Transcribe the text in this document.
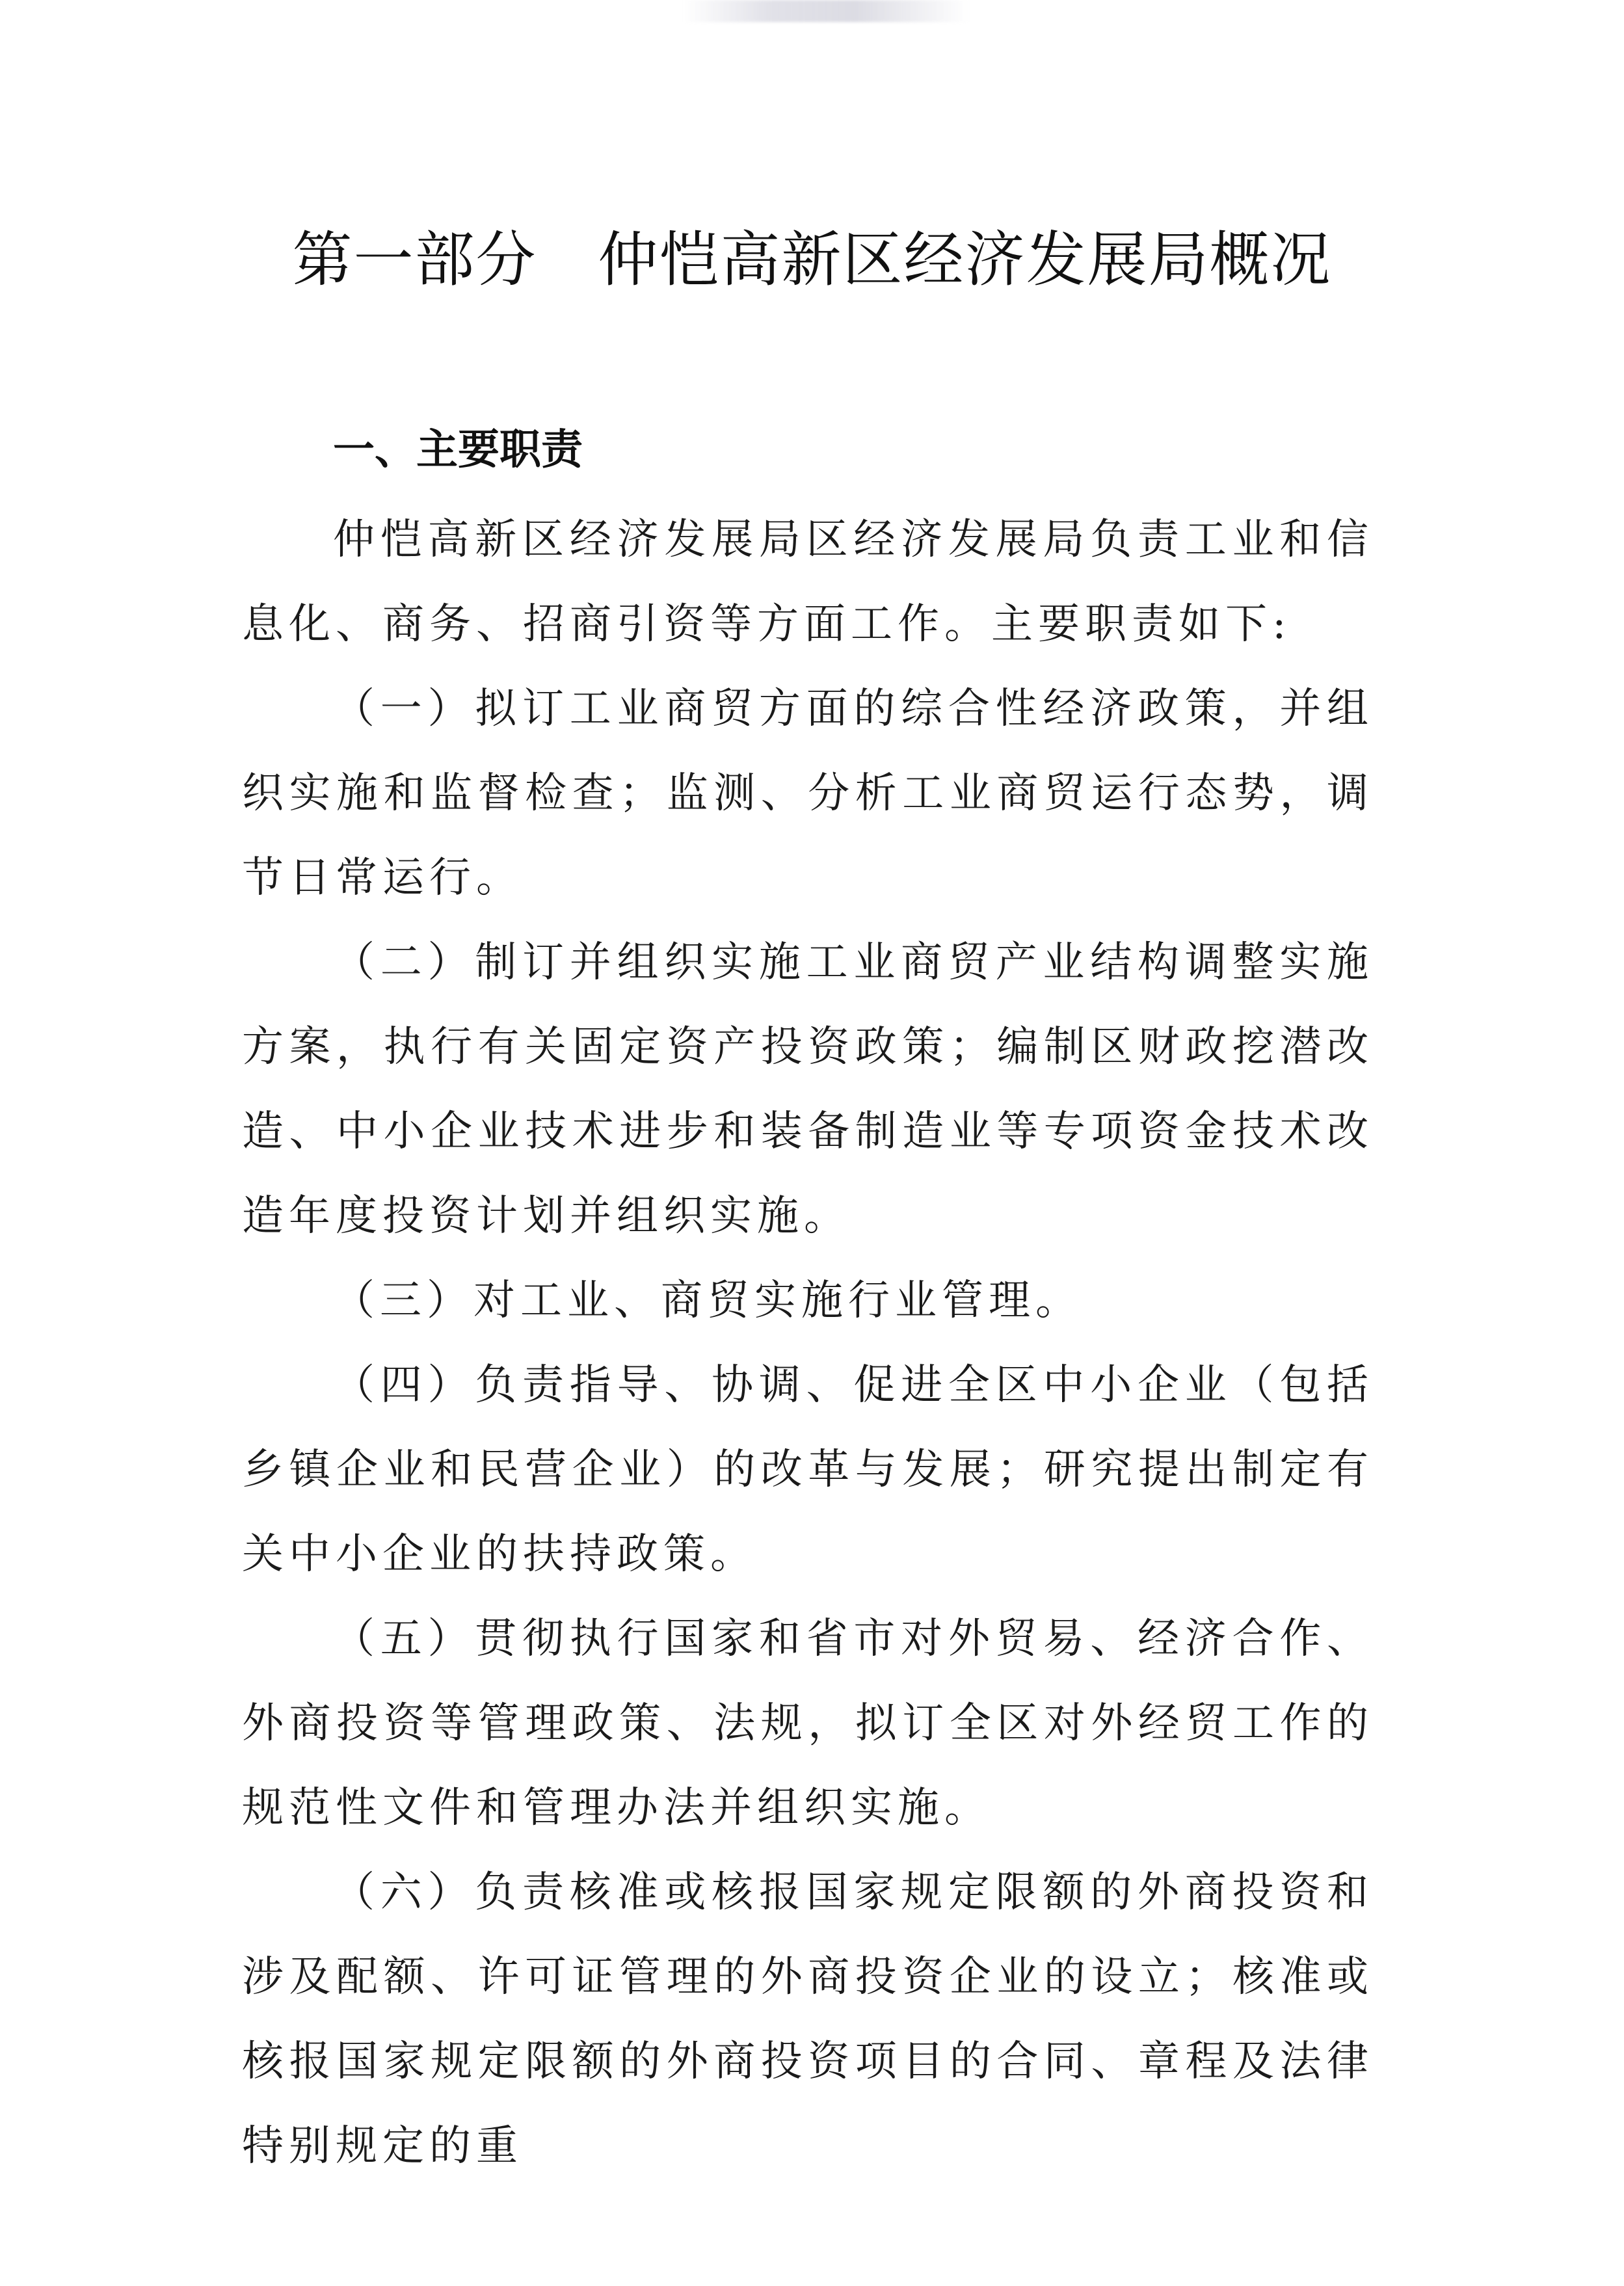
第一部分　仲恺高新区经济发展局概况
一、主要职责

仲恺高新区经济发展局区经济发展局负责工业和信息化、商务、招商引资等方面工作。主要职责如下:

（一）拟订工业商贸方面的综合性经济政策，并组织实施和监督检查；监测、分析工业商贸运行态势，调节日常运行。

（二）制订并组织实施工业商贸产业结构调整实施方案，执行有关固定资产投资政策；编制区财政挖潜改造、中小企业技术进步和装备制造业等专项资金技术改造年度投资计划并组织实施。

（三）对工业、商贸实施行业管理。

（四）负责指导、协调、促进全区中小企业（包括乡镇企业和民营企业）的改革与发展；研究提出制定有关中小企业的扶持政策。

（五）贯彻执行国家和省市对外贸易、经济合作、外商投资等管理政策、法规，拟订全区对外经贸工作的规范性文件和管理办法并组织实施。

（六）负责核准或核报国家规定限额的外商投资和涉及配额、许可证管理的外商投资企业的设立；核准或核报国家规定限额的外商投资项目的合同、章程及法律特别规定的重
